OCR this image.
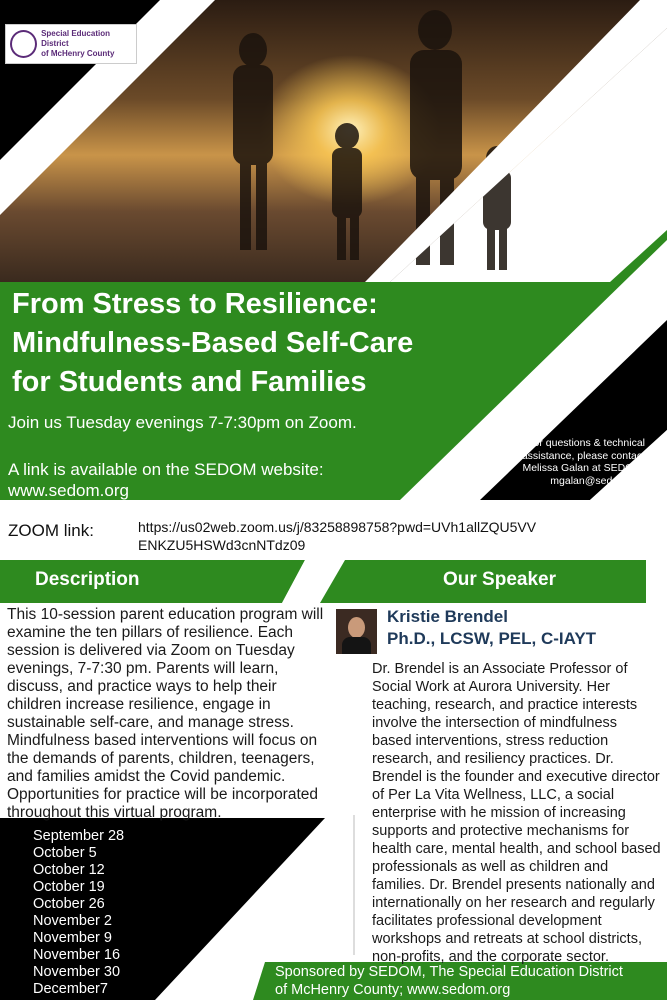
Special Education District
of McHenry County
From Stress to Resilience:
Mindfulness-Based Self-Care
for Students and Families
Join us Tuesday evenings 7-7:30pm on Zoom.
A link is available on the SEDOM website:
www.sedom.org
For questions & technical
assistance, please contact
Melissa Galan at SEDOM:
mgalan@sedom.org
ZOOM link:	https://us02web.zoom.us/j/83258898758?pwd=UVh1allZQU5VV
ENKZU5HSWd3cnNTdz09
Description	Our Speaker
This 10-session parent education program will
examine the ten pillars of resilience. Each
session is delivered via Zoom on Tuesday
evenings, 7-7:30 pm. Parents will learn,
discuss, and practice ways to help their
children increase resilience, engage in
sustainable self-care, and manage stress.
Mindfulness based interventions will focus on
the demands of parents, children, teenagers,
and families amidst the Covid pandemic.
Opportunities for practice will be incorporated
throughout this virtual program.
Kristie Brendel
Ph.D., LCSW, PEL, C-IAYT
Dr. Brendel is an Associate Professor of
Social Work at Aurora University. Her
teaching, research, and practice interests
involve the intersection of mindfulness
based interventions, stress reduction
research, and resiliency practices. Dr.
Brendel is the founder and executive director
of Per La Vita Wellness, LLC, a social
enterprise with he mission of increasing
supports and protective mechanisms for
health care, mental health, and school based
professionals as well as children and
families. Dr. Brendel presents nationally and
internationally on her research and regularly
facilitates professional development
workshops and retreats at school districts,
non-profits, and the corporate sector.
September 28
October 5
October 12
October 19
October 26
November 2
November 9
November 16
November 30
December7
Sponsored by SEDOM, The Special Education District
of McHenry County; www.sedom.org
